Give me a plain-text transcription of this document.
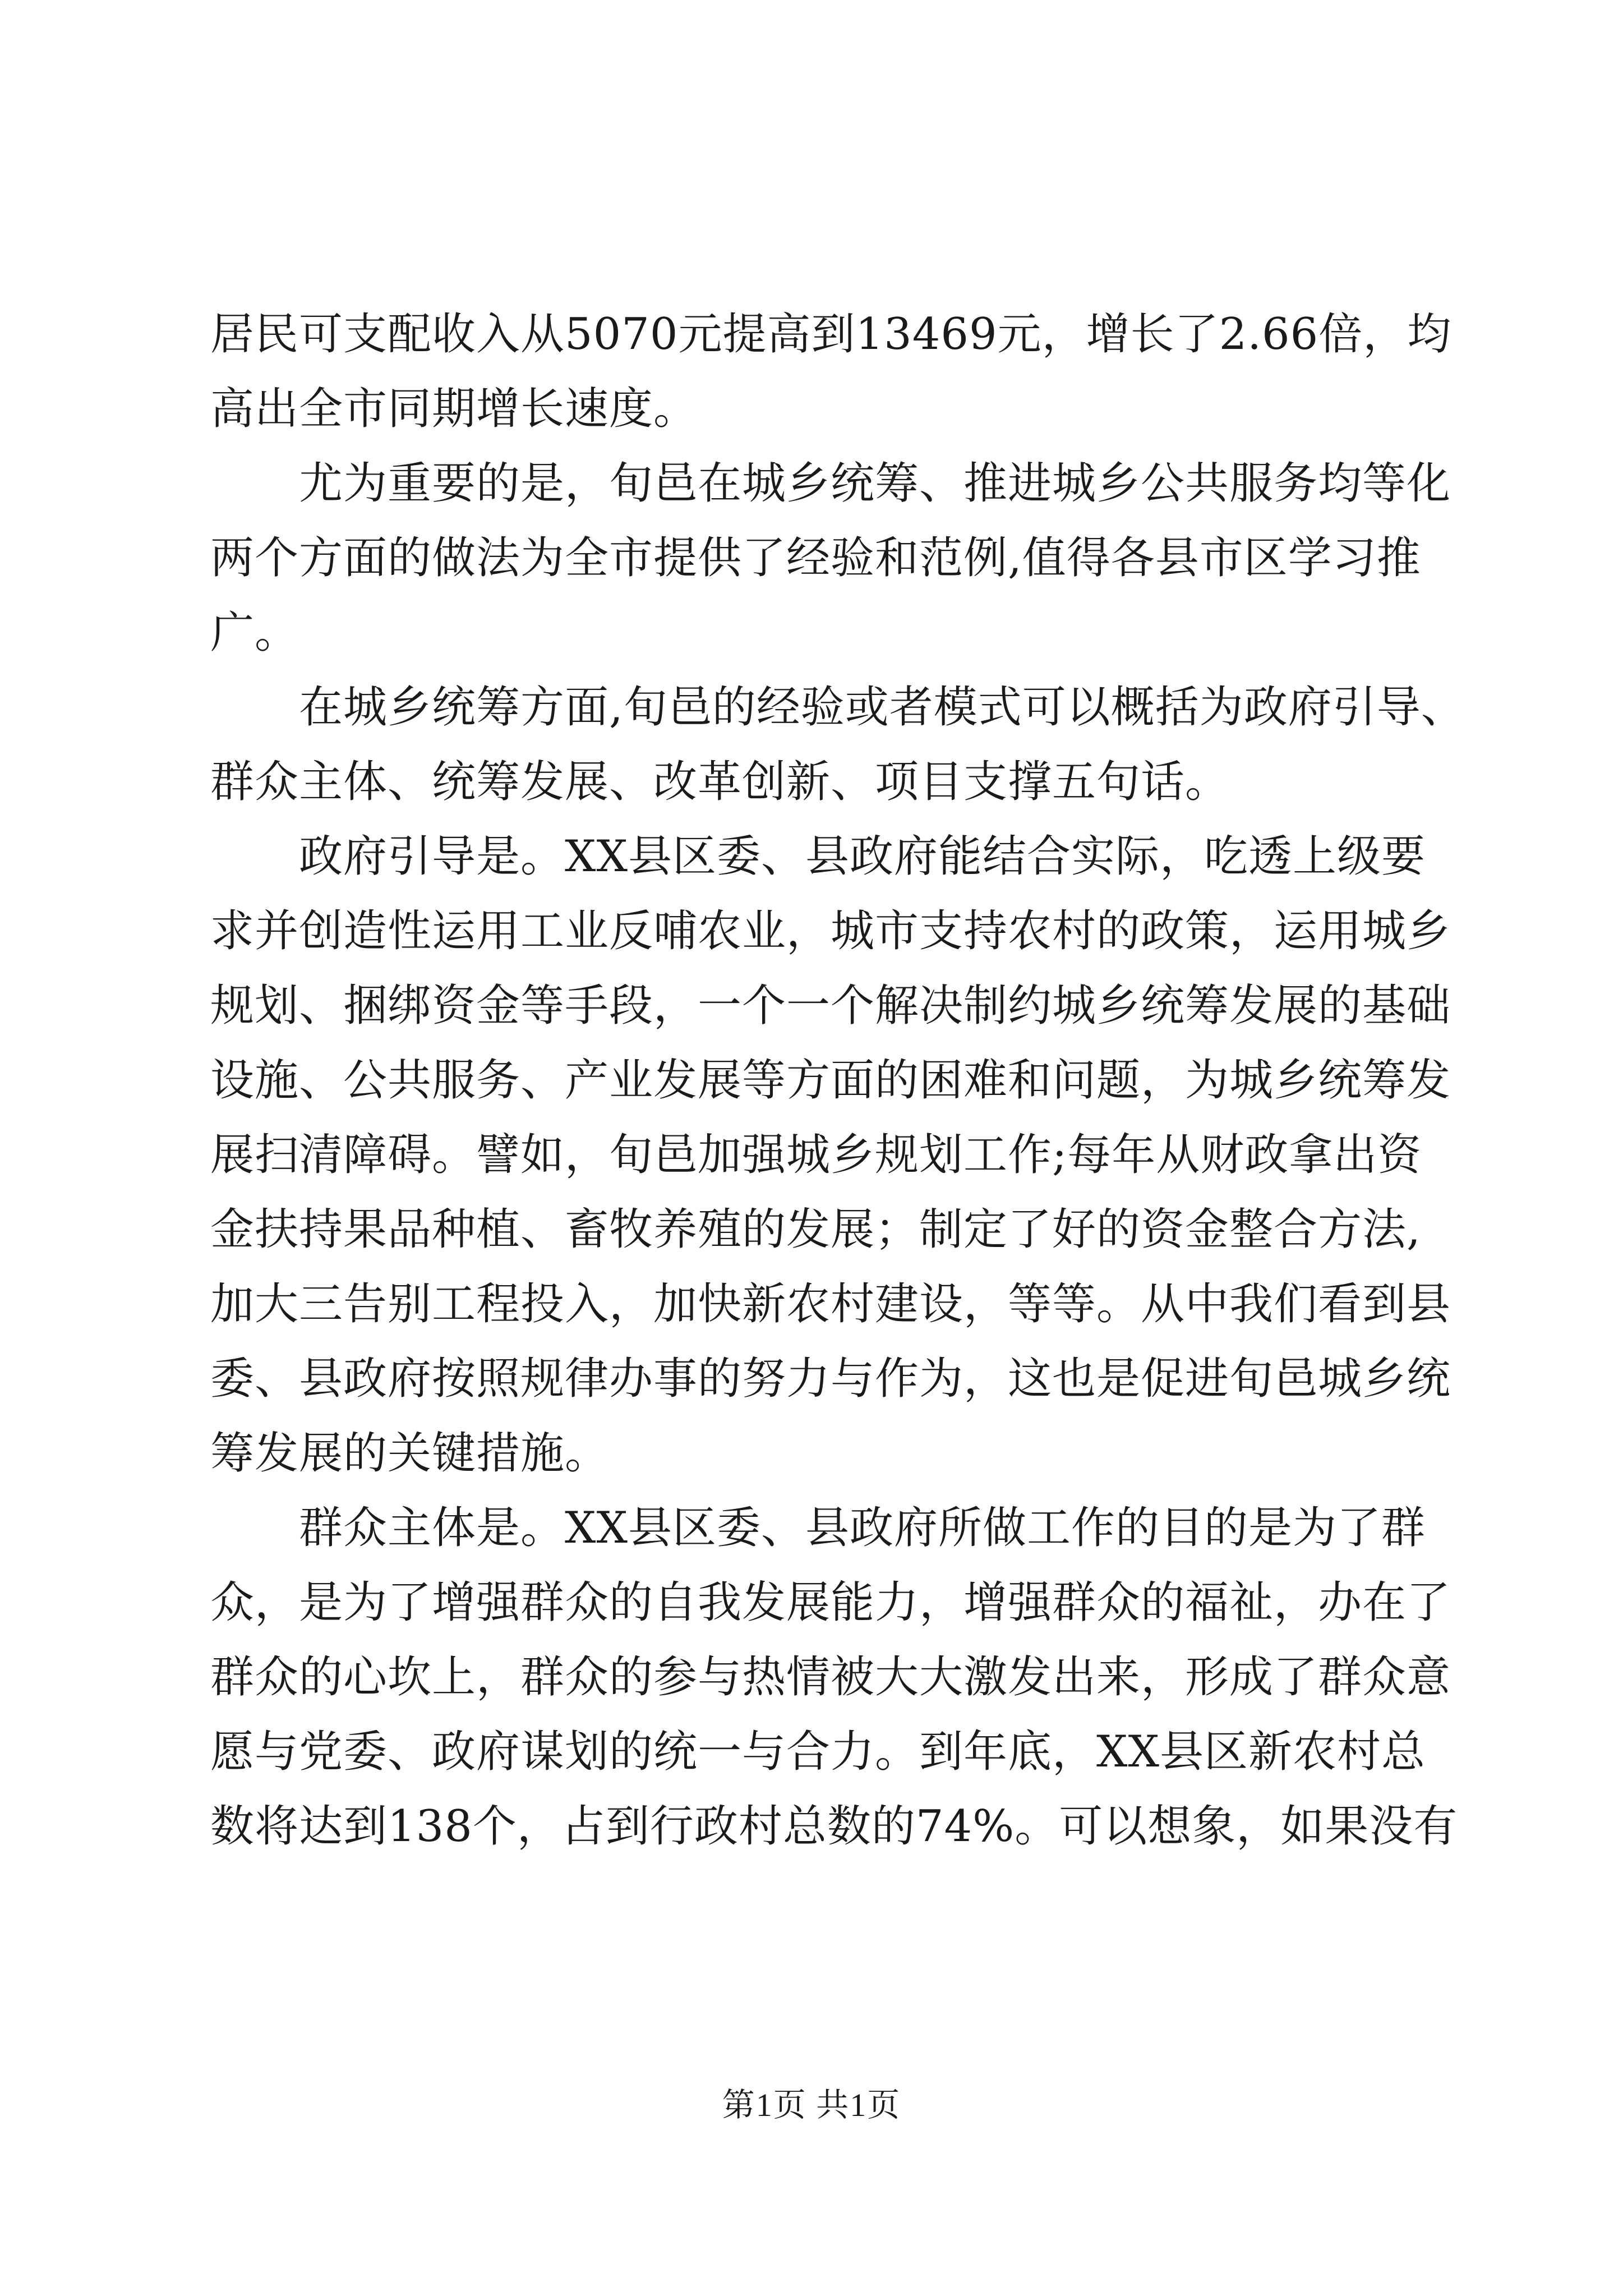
居民可支配收入从5070元提高到13469元，增长了2.66倍，均
高出全市同期增长速度。
尤为重要的是，旬邑在城乡统筹、推进城乡公共服务均等化
两个方面的做法为全市提供了经验和范例,值得各县市区学习推
广。
在城乡统筹方面,旬邑的经验或者模式可以概括为政府引导、
群众主体、统筹发展、改革创新、项目支撑五句话。
政府引导是。XX县区委、县政府能结合实际，吃透上级要
求并创造性运用工业反哺农业，城市支持农村的政策，运用城乡
规划、捆绑资金等手段，一个一个解决制约城乡统筹发展的基础
设施、公共服务、产业发展等方面的困难和问题，为城乡统筹发
展扫清障碍。譬如，旬邑加强城乡规划工作;每年从财政拿出资
金扶持果品种植、畜牧养殖的发展；制定了好的资金整合方法,
加大三告别工程投入，加快新农村建设，等等。从中我们看到县
委、县政府按照规律办事的努力与作为，这也是促进旬邑城乡统
筹发展的关键措施。
群众主体是。XX县区委、县政府所做工作的目的是为了群
众，是为了增强群众的自我发展能力，增强群众的福祉，办在了
群众的心坎上，群众的参与热情被大大激发出来，形成了群众意
愿与党委、政府谋划的统一与合力。到年底，XX县区新农村总
数将达到138个，占到行政村总数的74%。可以想象，如果没有
第1页 共1页
